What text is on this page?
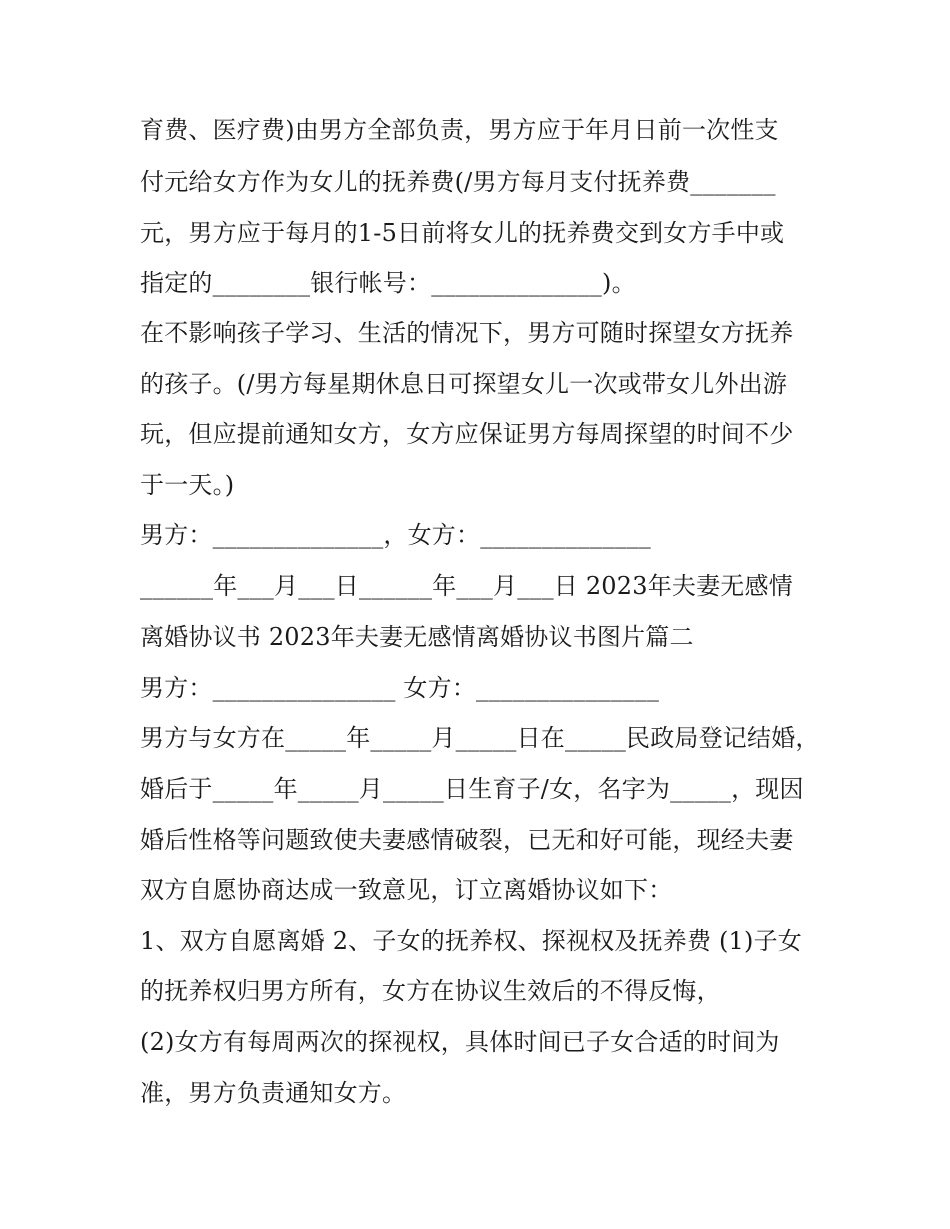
育费、医疗费)由男方全部负责，男方应于年月日前一次性支
付元给女方作为女儿的抚养费(/男方每月支付抚养费_______
元，男方应于每月的1-5日前将女儿的抚养费交到女方手中或
指定的________银行帐号：______________)。
在不影响孩子学习、生活的情况下，男方可随时探望女方抚养
的孩子。(/男方每星期休息日可探望女儿一次或带女儿外出游
玩，但应提前通知女方，女方应保证男方每周探望的时间不少
于一天。)
男方：______________，女方：______________
______年___月___日______年___月___日 2023年夫妻无感情
离婚协议书 2023年夫妻无感情离婚协议书图片篇二
男方：_______________ 女方：_______________
男方与女方在_____年_____月_____日在_____民政局登记结婚，
婚后于_____年_____月_____日生育子/女，名字为_____，现因
婚后性格等问题致使夫妻感情破裂，已无和好可能，现经夫妻
双方自愿协商达成一致意见，订立离婚协议如下：
1、双方自愿离婚 2、子女的抚养权、探视权及抚养费 (1)子女
的抚养权归男方所有，女方在协议生效后的不得反悔，
(2)女方有每周两次的探视权，具体时间已子女合适的时间为
准，男方负责通知女方。
